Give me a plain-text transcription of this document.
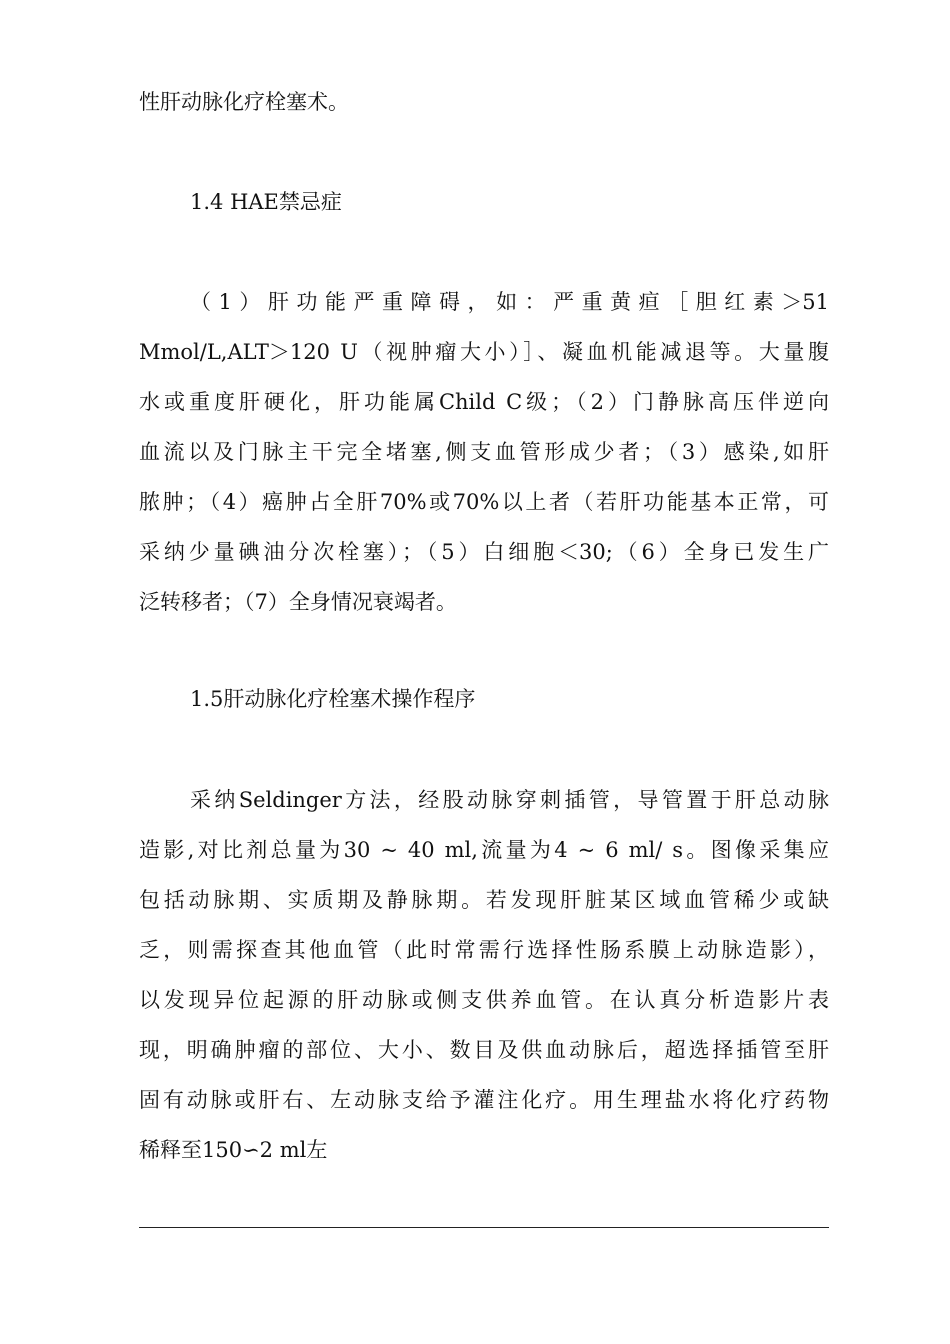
性肝动脉化疗栓塞术。
1.4 HAE禁忌症
（1）肝功能严重障碍，如：严重黄疸［胆红素＞51
Mmol/L,ALT＞120 U（视肿瘤大小）］、凝血机能减退等。大量腹
水或重度肝硬化，肝功能属Child C级；（2）门静脉高压伴逆向
血流以及门脉主干完全堵塞,侧支血管形成少者；（3）感染,如肝
脓肿；（4）癌肿占全肝70%或70%以上者（若肝功能基本正常，可
采纳少量碘油分次栓塞）；（5）白细胞＜30;（6）全身已发生广
泛转移者；（7）全身情况衰竭者。
1.5肝动脉化疗栓塞术操作程序
采纳Seldinger方法，经股动脉穿刺插管，导管置于肝总动脉
造影,对比剂总量为30 ~ 40 ml,流量为4 ~ 6 ml/ s。图像采集应
包括动脉期、实质期及静脉期。若发现肝脏某区域血管稀少或缺
乏，则需探查其他血管（此时常需行选择性肠系膜上动脉造影），
以发现异位起源的肝动脉或侧支供养血管。在认真分析造影片表
现，明确肿瘤的部位、大小、数目及供血动脉后，超选择插管至肝
固有动脉或肝右、左动脉支给予灌注化疗。用生理盐水将化疗药物
稀释至150∽2 ml左
